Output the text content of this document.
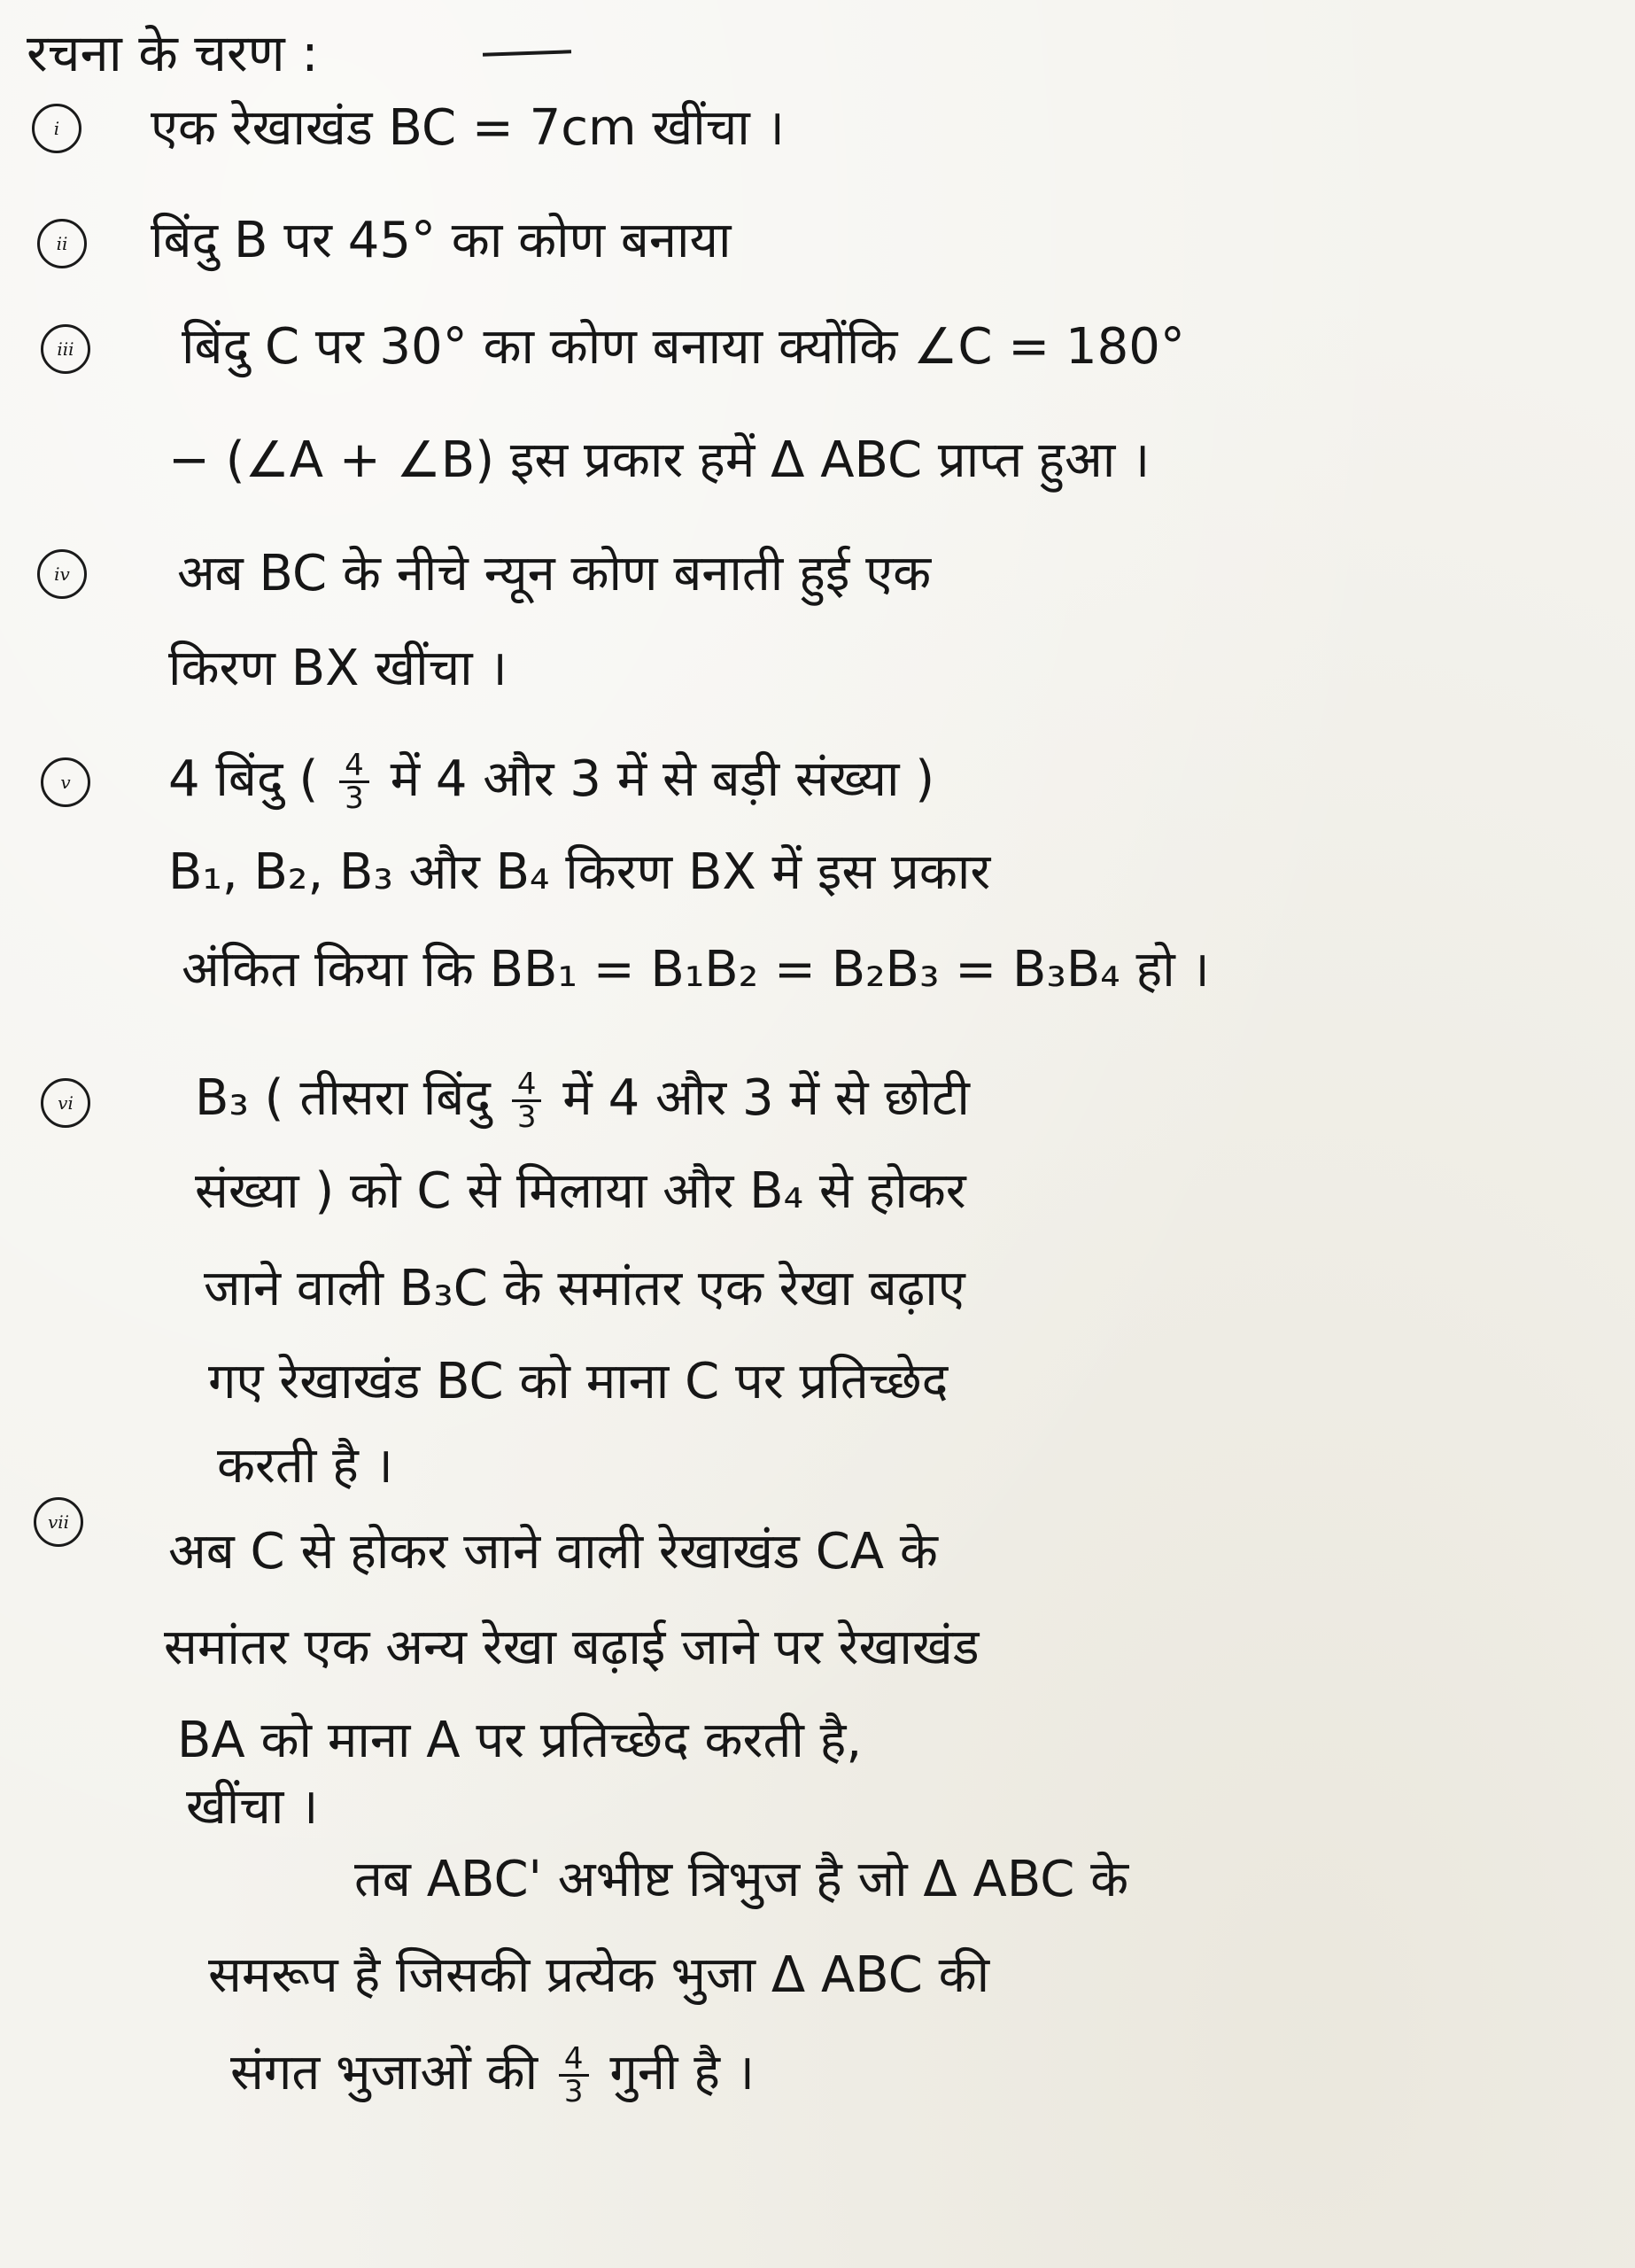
रचना के चरण :
i	एक रेखाखंड BC = 7cm खींचा ।
ii	बिंदु B पर 45° का कोण बनाया
iii	बिंदु C पर 30° का कोण बनाया क्योंकि ∠C = 180°
− (∠A + ∠B) इस प्रकार हमें Δ ABC प्राप्त हुआ ।
iv	अब BC के नीचे न्यून कोण बनाती हुई एक
किरण BX खींचा ।
v	4 बिंदु ( $\frac{4}{3}$ में 4 और 3 में से बड़ी संख्या )
B₁, B₂, B₃ और B₄ किरण BX में इस प्रकार
अंकित किया कि BB₁ = B₁B₂ = B₂B₃ = B₃B₄ हो ।
vi	B₃ ( तीसरा बिंदु $\frac{4}{3}$ में 4 और 3 में से छोटी
संख्या ) को C से मिलाया और B₄ से होकर
जाने वाली B₃C के समांतर एक रेखा बढ़ाए
गए रेखाखंड BC को माना C पर प्रतिच्छेद
करती है ।
vii
अब C से होकर जाने वाली रेखाखंड CA के
समांतर एक अन्य रेखा बढ़ाई जाने पर रेखाखंड
BA को माना A पर प्रतिच्छेद करती है,
खींचा ।
तब ABC' अभीष्ट त्रिभुज है जो Δ ABC के
समरूप है जिसकी प्रत्येक भुजा Δ ABC की
संगत भुजाओं की $\frac{4}{3}$ गुनी है ।
